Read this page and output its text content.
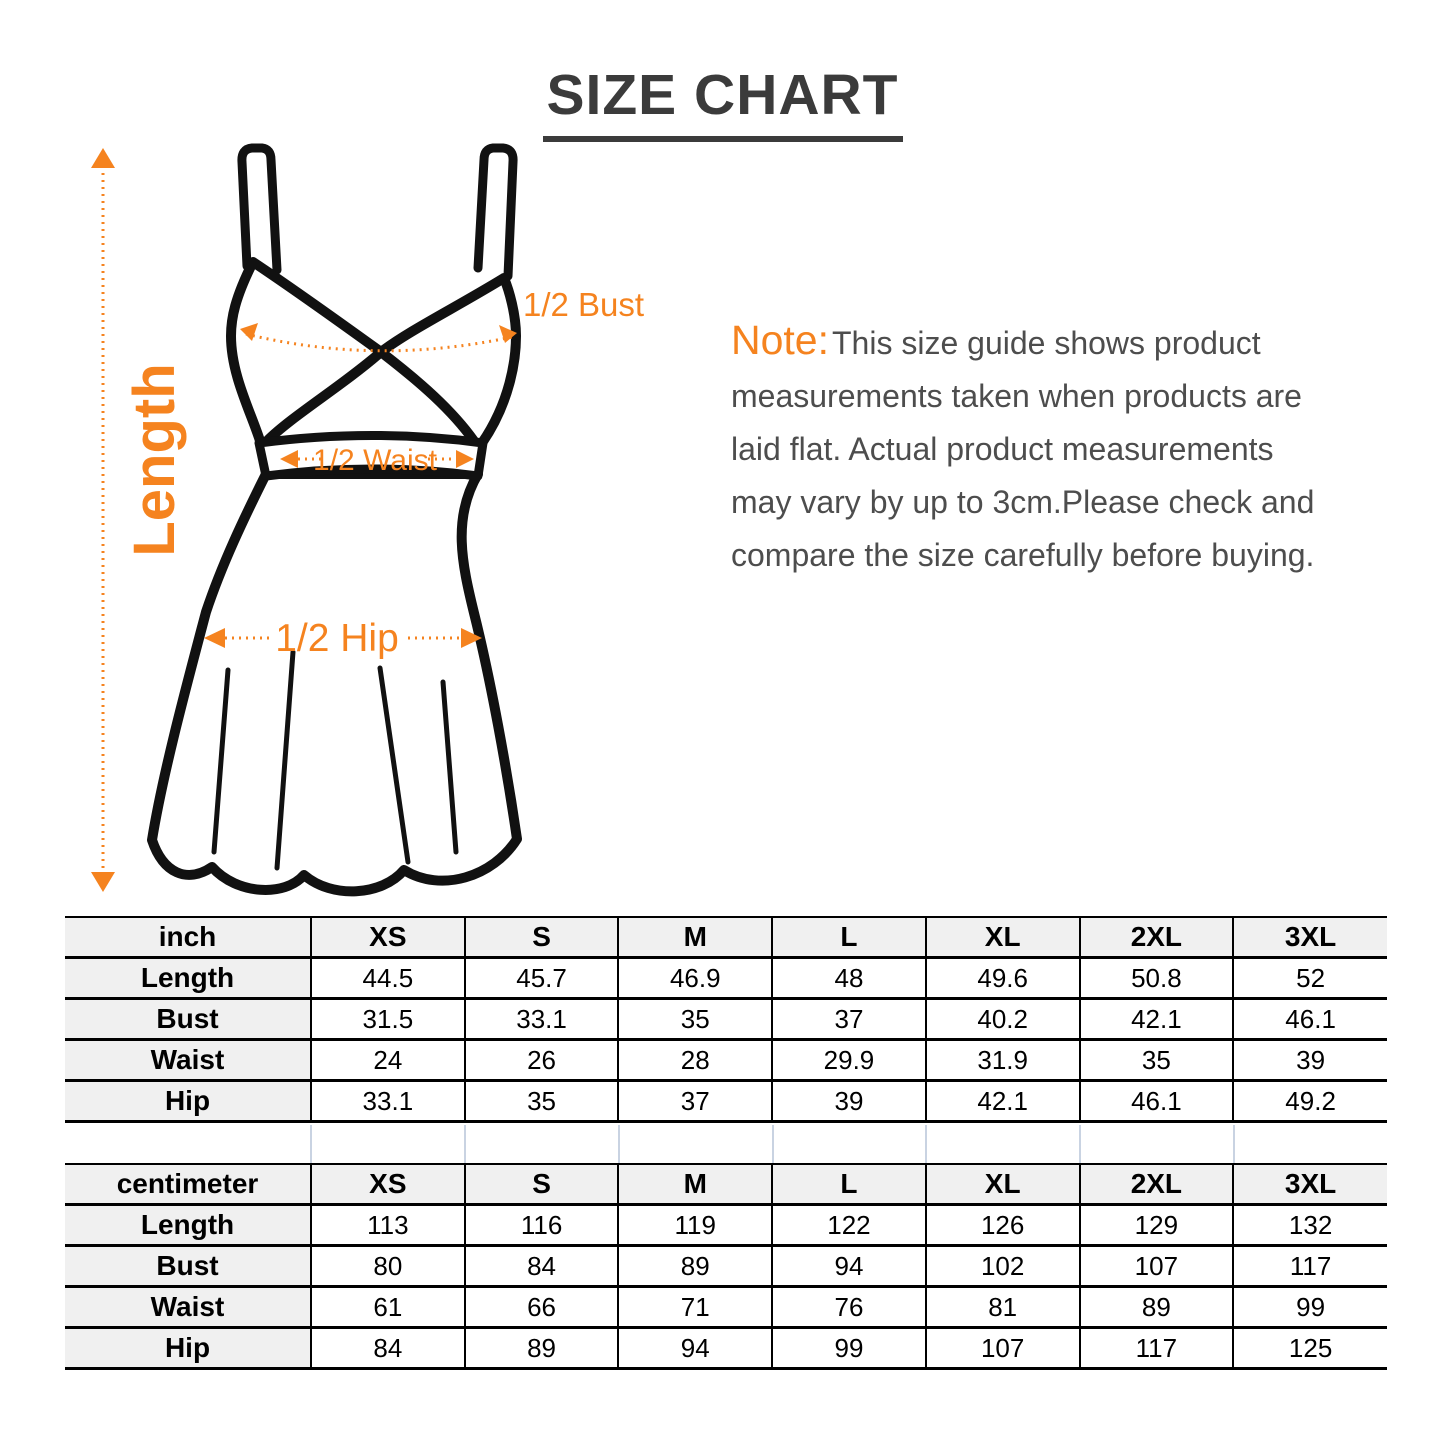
SIZE CHART
Length
1/2 Bust
1/2 Waist
1/2 Hip
Note:This size guide shows product
measurements taken when products are
laid flat. Actual product measurements
may vary by up to 3cm.Please check and
compare the size carefully before buying.
inch	XS	S	M	L	XL	2XL	3XL
Length	44.5	45.7	46.9	48	49.6	50.8	52
Bust	31.5	33.1	35	37	40.2	42.1	46.1
Waist	24	26	28	29.9	31.9	35	39
Hip	33.1	35	37	39	42.1	46.1	49.2
centimeter	XS	S	M	L	XL	2XL	3XL
Length	113	116	119	122	126	129	132
Bust	80	84	89	94	102	107	117
Waist	61	66	71	76	81	89	99
Hip	84	89	94	99	107	117	125
